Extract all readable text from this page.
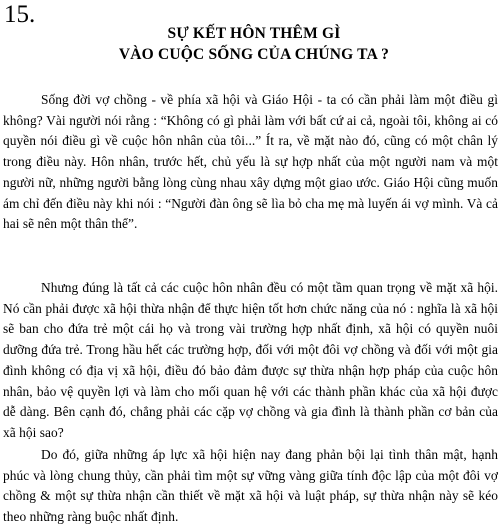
15.
SỰ KẾT HÔN THÊM GÌ
VÀO CUỘC SỐNG CỦA CHÚNG TA ?

Sống đời vợ chồng - về phía xã hội và Giáo Hội - ta có cần phải làm một điều gì không? Vài người nói rằng : “Không có gì phải làm với bất cứ ai cả, ngoài tôi, không ai có quyền nói điều gì về cuộc hôn nhân của tôi...” Ít ra, về mặt nào đó, cũng có một chân lý trong điều này. Hôn nhân, trước hết, chủ yếu là sự hợp nhất của một người nam và một người nữ, những người bằng lòng cùng nhau xây dựng một giao ước. Giáo Hội cũng muốn ám chỉ đến điều này khi nói : “Người đàn ông sẽ lìa bỏ cha mẹ mà luyến ái vợ mình. Và cả hai sẽ nên một thân thể”.

Nhưng đúng là tất cả các cuộc hôn nhân đều có một tầm quan trọng về mặt xã hội. Nó cần phải được xã hội thừa nhận để thực hiện tốt hơn chức năng của nó : nghĩa là xã hội sẽ ban cho đứa trẻ một cái họ và trong vài trường hợp nhất định, xã hội có quyền nuôi dưỡng đứa trẻ. Trong hầu hết các trường hợp, đối với một đôi vợ chồng và đối với một gia đình không có địa vị xã hội, điều đó bảo đảm được sự thừa nhận hợp pháp của cuộc hôn nhân, bảo vệ quyền lợi và làm cho mối quan hệ với các thành phần khác của xã hội được dễ dàng. Bên cạnh đó, chẳng phải các cặp vợ chồng và gia đình là thành phần cơ bản của xã hội sao?

Do đó, giữa những áp lực xã hội hiện nay đang phản bội lại tình thân mật, hạnh phúc và lòng chung thủy, cần phải tìm một sự vững vàng giữa tính độc lập của một đôi vợ chồng & một sự thừa nhận cần thiết về mặt xã hội và luật pháp, sự thừa nhận này sẽ kéo theo những ràng buộc nhất định.
